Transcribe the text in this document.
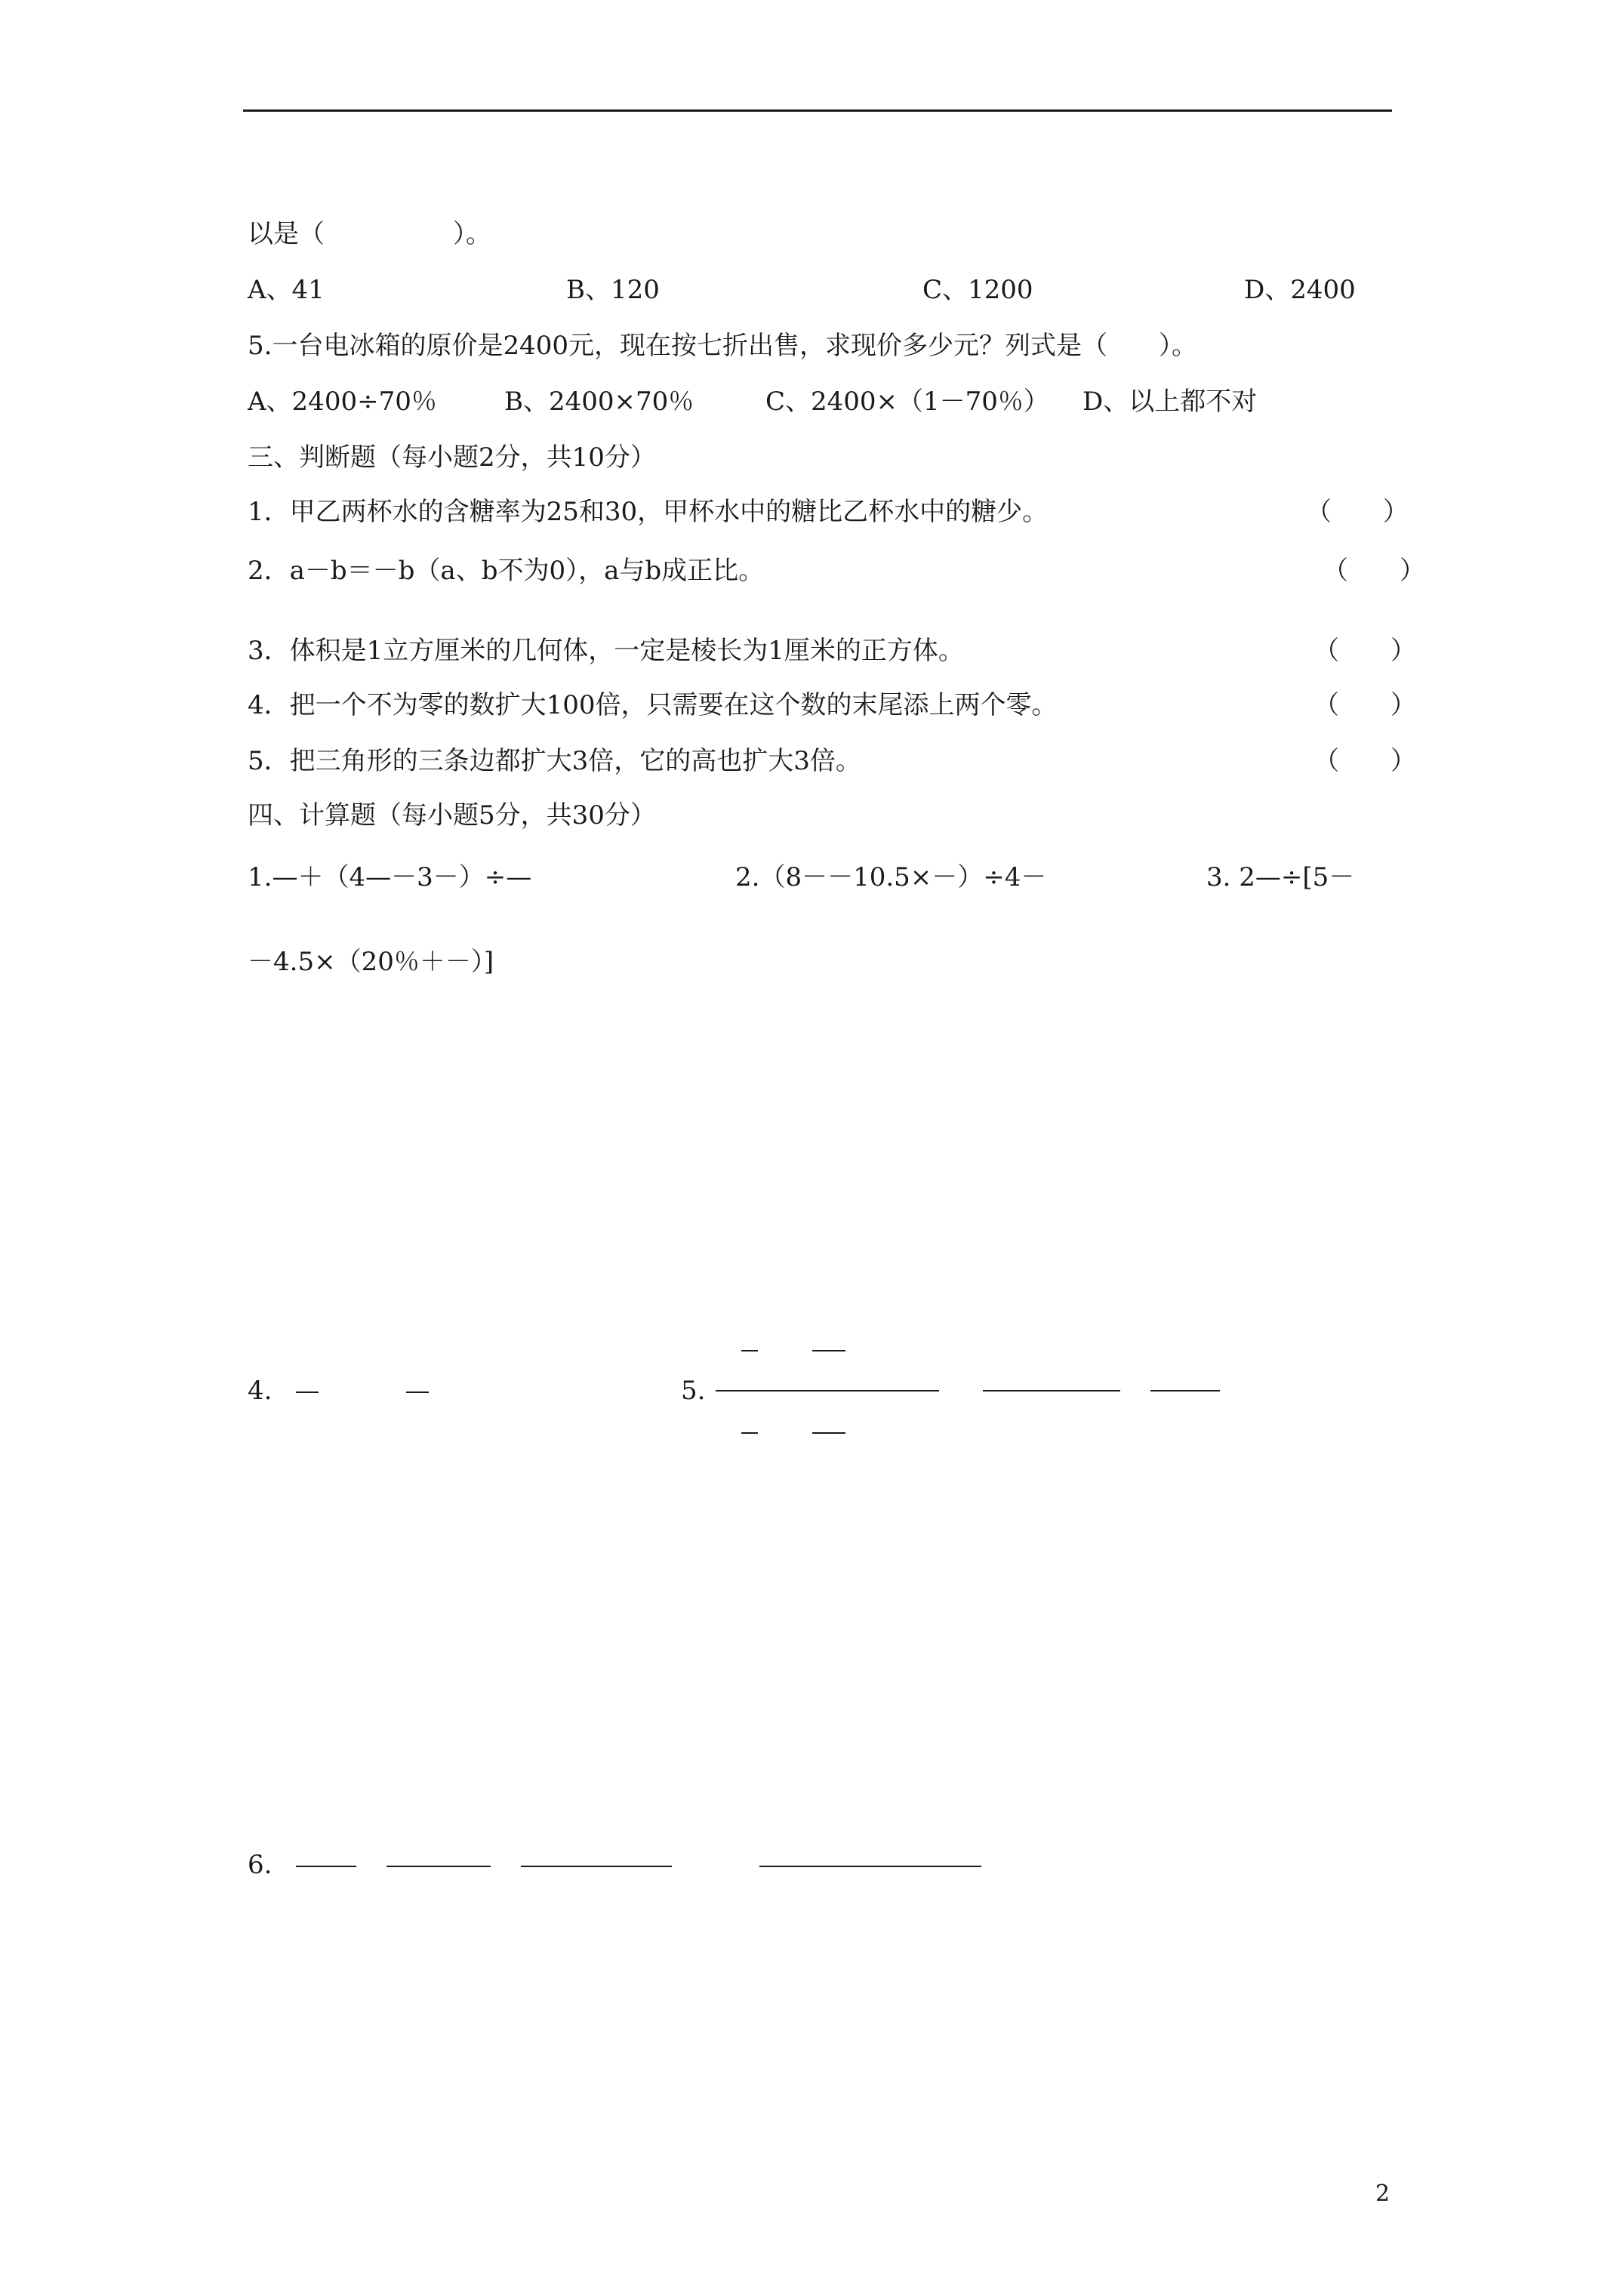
以是（　　　　　）。
A、41	B、120	C、1200	D、2400
5.一台电冰箱的原价是2400元，现在按七折出售，求现价多少元？列式是（　　）。
A、2400÷70％	B、2400×70％	C、2400×（1－70％） D、以上都不对
三、判断题（每小题2分，共10分）
1．甲乙两杯水的含糖率为25和30，甲杯水中的糖比乙杯水中的糖少。	（　　）
2．a－b＝－b（a、b不为0），a与b成正比。	（　　）
3．体积是1立方厘米的几何体，一定是棱长为1厘米的正方体。	（　　）
4．把一个不为零的数扩大100倍，只需要在这个数的末尾添上两个零。	（　　）
5．把三角形的三条边都扩大3倍，它的高也扩大3倍。	（　　）
四、计算题（每小题5分，共30分）
1.—＋（4—－3－）÷—	2.（8－－10.5×－）÷4－	3. 2—÷[5－
－4.5×（20％＋－）]
4.	5.
6.
2
